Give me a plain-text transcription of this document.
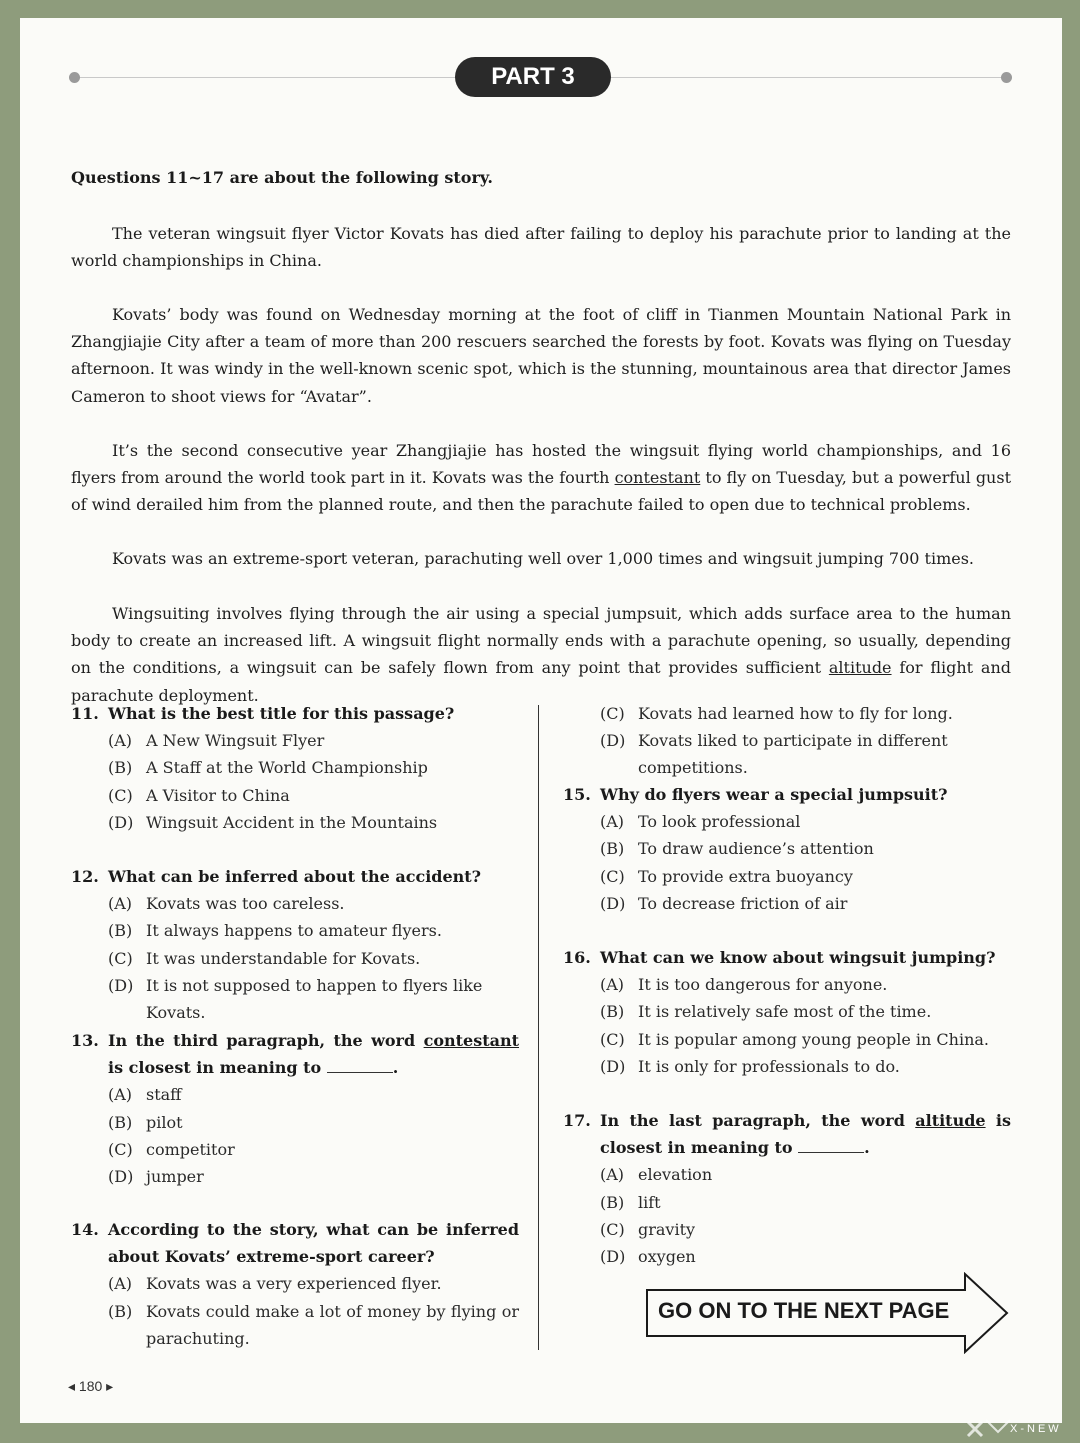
PART 3
Questions 11~17 are about the following story.

The veteran wingsuit flyer Victor Kovats has died after failing to deploy his parachute prior to landing at the world championships in China.

Kovats’ body was found on Wednesday morning at the foot of cliff in Tianmen Mountain National Park in Zhangjiajie City after a team of more than 200 rescuers searched the forests by foot. Kovats was flying on Tuesday afternoon. It was windy in the well-known scenic spot, which is the stunning, mountainous area that director James Cameron to shoot views for “Avatar”.

It’s the second consecutive year Zhangjiajie has hosted the wingsuit flying world championships, and 16 flyers from around the world took part in it. Kovats was the fourth contestant to fly on Tuesday, but a powerful gust of wind derailed him from the planned route, and then the parachute failed to open due to technical problems.

Kovats was an extreme-sport veteran, parachuting well over 1,000 times and wingsuit jumping 700 times.

Wingsuiting involves flying through the air using a special jumpsuit, which adds surface area to the human body to create an increased lift. A wingsuit flight normally ends with a parachute opening, so usually, depending on the conditions, a wingsuit can be safely flown from any point that provides sufficient altitude for flight and parachute deployment.

11. What is the best title for this passage?

(A) A New Wingsuit Flyer

(B) A Staff at the World Championship

(C) A Visitor to China

(D) Wingsuit Accident in the Mountains

12. What can be inferred about the accident?

(A) Kovats was too careless.

(B) It always happens to amateur flyers.

(C) It was understandable for Kovats.

(D) It is not supposed to happen to flyers like Kovats.

13. In the third paragraph, the word contestant is closest in meaning to	.

(A) staff

(B) pilot

(C) competitor

(D) jumper

14. According to the story, what can be inferred about Kovats’ extreme-sport career?

(A) Kovats was a very experienced flyer.

(B) Kovats could make a lot of money by flying or parachuting.

(C) Kovats had learned how to fly for long.

(D) Kovats liked to participate in different competitions.

15. Why do flyers wear a special jumpsuit?

(A) To look professional

(B) To draw audience’s attention

(C) To provide extra buoyancy

(D) To decrease friction of air

16. What can we know about wingsuit jumping?

(A) It is too dangerous for anyone.

(B) It is relatively safe most of the time.

(C) It is popular among young people in China.

(D) It is only for professionals to do.

17. In the last paragraph, the word altitude is closest in meaning to	.

(A) elevation

(B) lift

(C) gravity

(D) oxygen

GO ON TO THE NEXT PAGE
◂ 180 ▸
X-NEW
